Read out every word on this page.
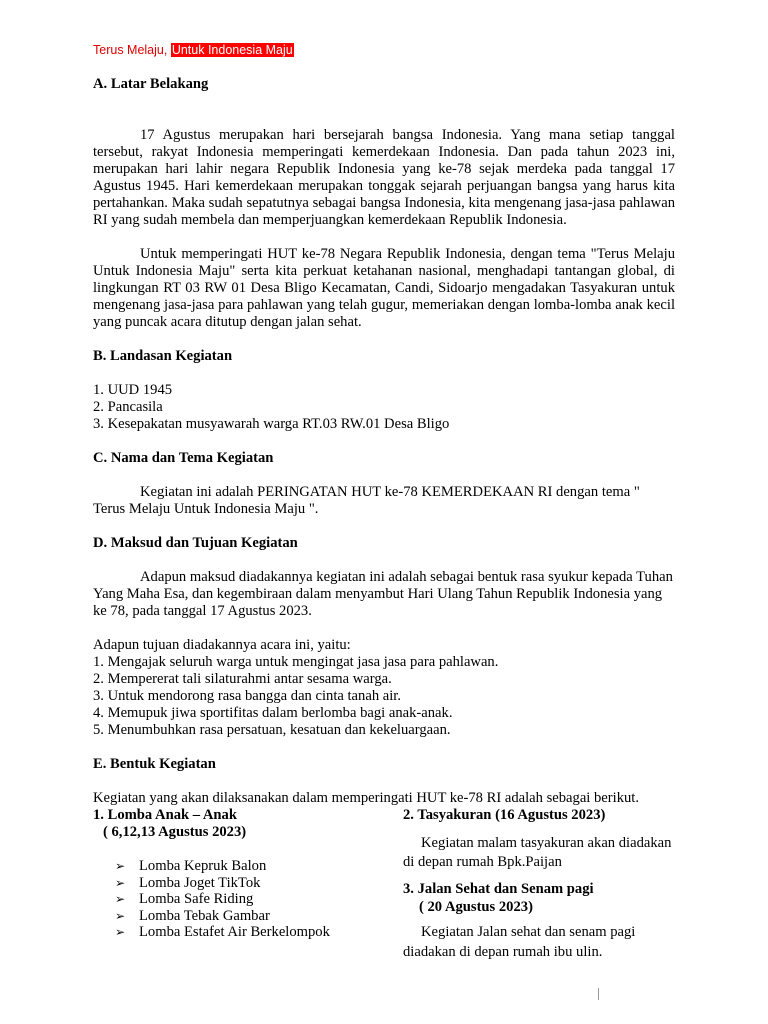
Terus Melaju, Untuk Indonesia Maju

A. Latar Belakang

17 Agustus merupakan hari bersejarah bangsa Indonesia. Yang mana setiap tanggal tersebut, rakyat Indonesia memperingati kemerdekaan Indonesia. Dan pada tahun 2023 ini, merupakan hari lahir negara Republik Indonesia yang ke-78 sejak merdeka pada tanggal 17 Agustus 1945. Hari kemerdekaan merupakan tonggak sejarah perjuangan bangsa yang harus kita pertahankan. Maka sudah sepatutnya sebagai bangsa Indonesia, kita mengenang jasa-jasa pahlawan RI yang sudah membela dan memperjuangkan kemerdekaan Republik Indonesia.

Untuk memperingati HUT ke-78 Negara Republik Indonesia, dengan tema "Terus Melaju Untuk Indonesia Maju" serta kita perkuat ketahanan nasional, menghadapi tantangan global, di lingkungan RT 03 RW 01 Desa Bligo Kecamatan, Candi, Sidoarjo mengadakan Tasyakuran untuk mengenang jasa-jasa para pahlawan yang telah gugur, memeriakan dengan lomba-lomba anak kecil yang puncak acara ditutup dengan jalan sehat.

B. Landasan Kegiatan

1. UUD 1945
2. Pancasila
3. Kesepakatan musyawarah warga RT.03 RW.01 Desa Bligo

C. Nama dan Tema Kegiatan

Kegiatan ini adalah PERINGATAN HUT ke-78 KEMERDEKAAN RI dengan tema " Terus Melaju Untuk Indonesia Maju ".

D. Maksud dan Tujuan Kegiatan

Adapun maksud diadakannya kegiatan ini adalah sebagai bentuk rasa syukur kepada Tuhan Yang Maha Esa, dan kegembiraan dalam menyambut Hari Ulang Tahun Republik Indonesia yang ke 78, pada tanggal 17 Agustus 2023.

Adapun tujuan diadakannya acara ini, yaitu:

1. Mengajak seluruh warga untuk mengingat jasa jasa para pahlawan.
2. Mempererat tali silaturahmi antar sesama warga.
3. Untuk mendorong rasa bangga dan cinta tanah air.
4. Memupuk jiwa sportifitas dalam berlomba bagi anak-anak.
5. Menumbuhkan rasa persatuan, kesatuan dan kekeluargaan.

E. Bentuk Kegiatan

Kegiatan yang akan dilaksanakan dalam memperingati HUT ke-78 RI adalah sebagai berikut.

1. Lomba Anak – Anak

( 6,12,13 Agustus 2023)

➢ Lomba Kepruk Balon
➢ Lomba Joget TikTok
➢ Lomba Safe Riding
➢ Lomba Tebak Gambar
➢ Lomba Estafet Air Berkelompok

2. Tasyakuran (16 Agustus 2023)

Kegiatan malam tasyakuran akan diadakan di depan rumah Bpk.Paijan

3. Jalan Sehat dan Senam pagi

( 20 Agustus 2023)

Kegiatan Jalan sehat dan senam pagi diadakan di depan rumah ibu ulin.
